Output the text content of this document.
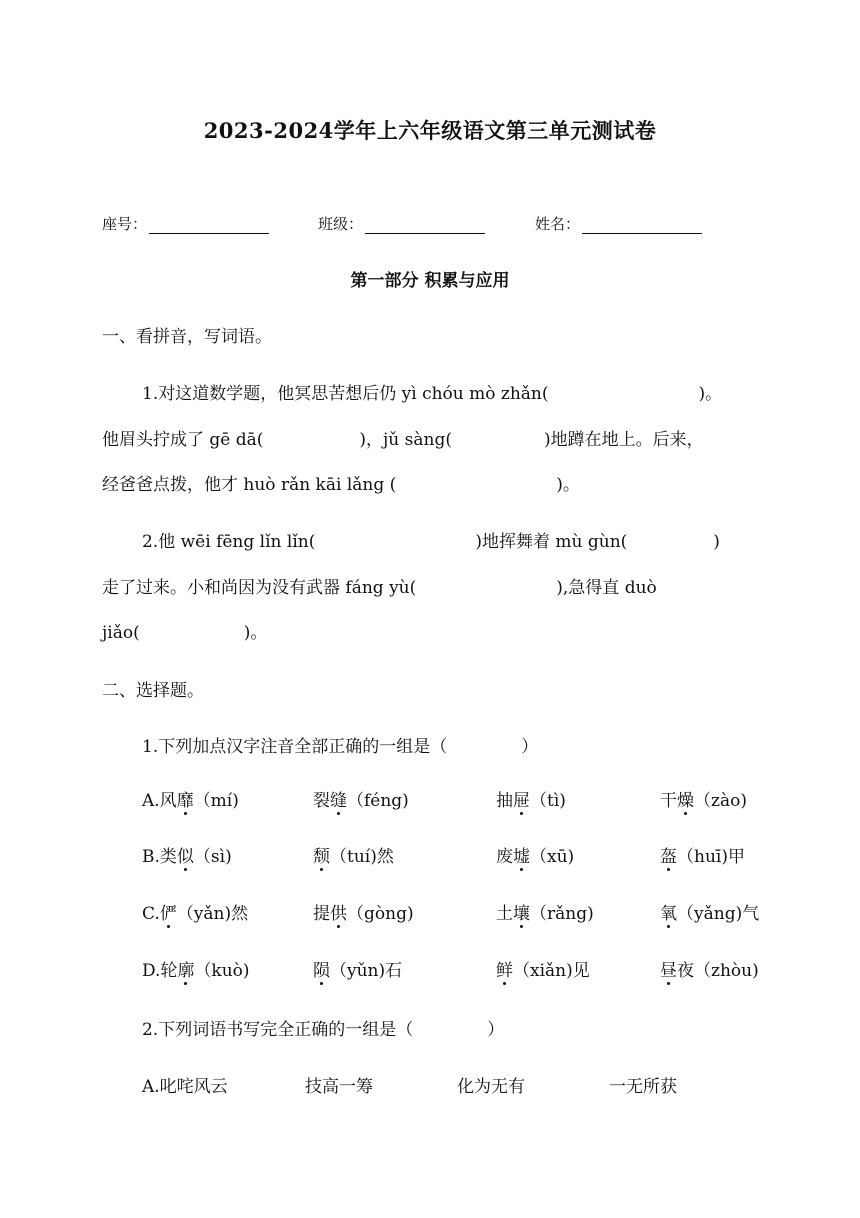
2023-2024学年上六年级语文第三单元测试卷
座号：	班级：	姓名：
第一部分 积累与应用
一、看拼音，写词语。
1.对这道数学题，他冥思苦想后仍 yì chóu mò zhǎn(	)。
他眉头拧成了 gē dā(	)，jǔ sàng(	)地蹲在地上。后来，
经爸爸点拨，他才 huò rǎn kāi lǎng (	)。
2.他 wēi fēng lǐn lǐn(	)地挥舞着 mù gùn(	)
走了过来。小和尚因为没有武器 fáng yù(	),急得直 duò
jiǎo(	)。
二、选择题。
1.下列加点汉字注音全部正确的一组是（	）
A.风靡（mí)	裂缝（féng)	抽屉（tì)	干燥（zào)
B.类似（sì)	颓（tuí)然	废墟（xū)	盔（huī)甲
C.俨（yǎn)然	提供（gòng)	土壤（rǎng)	氧（yǎng)气
D.轮廓（kuò)	陨（yǔn)石	鲜（xiǎn)见	昼夜（zhòu)
2.下列词语书写完全正确的一组是（	）
A.叱咤风云	技高一筹	化为无有	一无所获
